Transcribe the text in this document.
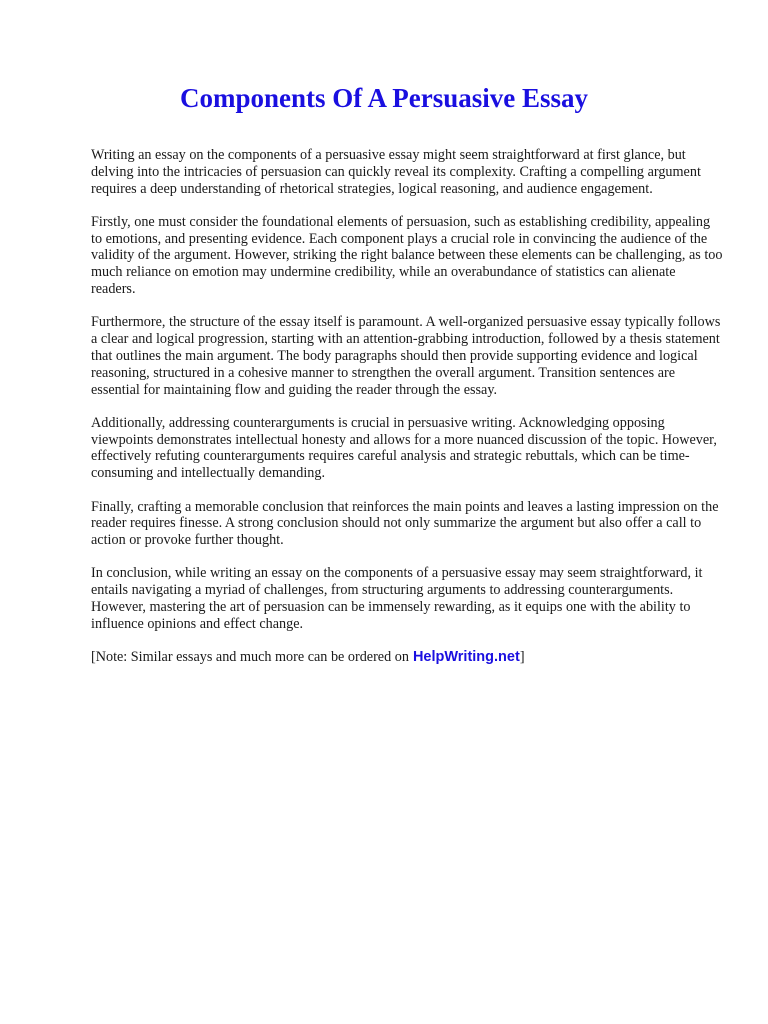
Components Of A Persuasive Essay

Writing an essay on the components of a persuasive essay might seem straightforward at first glance, but delving into the intricacies of persuasion can quickly reveal its complexity. Crafting a compelling argument requires a deep understanding of rhetorical strategies, logical reasoning, and audience engagement.

Firstly, one must consider the foundational elements of persuasion, such as establishing credibility, appealing to emotions, and presenting evidence. Each component plays a crucial role in convincing the audience of the validity of the argument. However, striking the right balance between these elements can be challenging, as too much reliance on emotion may undermine credibility, while an overabundance of statistics can alienate readers.

Furthermore, the structure of the essay itself is paramount. A well-organized persuasive essay typically follows a clear and logical progression, starting with an attention-grabbing introduction, followed by a thesis statement that outlines the main argument. The body paragraphs should then provide supporting evidence and logical reasoning, structured in a cohesive manner to strengthen the overall argument. Transition sentences are essential for maintaining flow and guiding the reader through the essay.

Additionally, addressing counterarguments is crucial in persuasive writing. Acknowledging opposing viewpoints demonstrates intellectual honesty and allows for a more nuanced discussion of the topic. However, effectively refuting counterarguments requires careful analysis and strategic rebuttals, which can be time-consuming and intellectually demanding.

Finally, crafting a memorable conclusion that reinforces the main points and leaves a lasting impression on the reader requires finesse. A strong conclusion should not only summarize the argument but also offer a call to action or provoke further thought.

In conclusion, while writing an essay on the components of a persuasive essay may seem straightforward, it entails navigating a myriad of challenges, from structuring arguments to addressing counterarguments. However, mastering the art of persuasion can be immensely rewarding, as it equips one with the ability to influence opinions and effect change.

[Note: Similar essays and much more can be ordered on HelpWriting.net]
